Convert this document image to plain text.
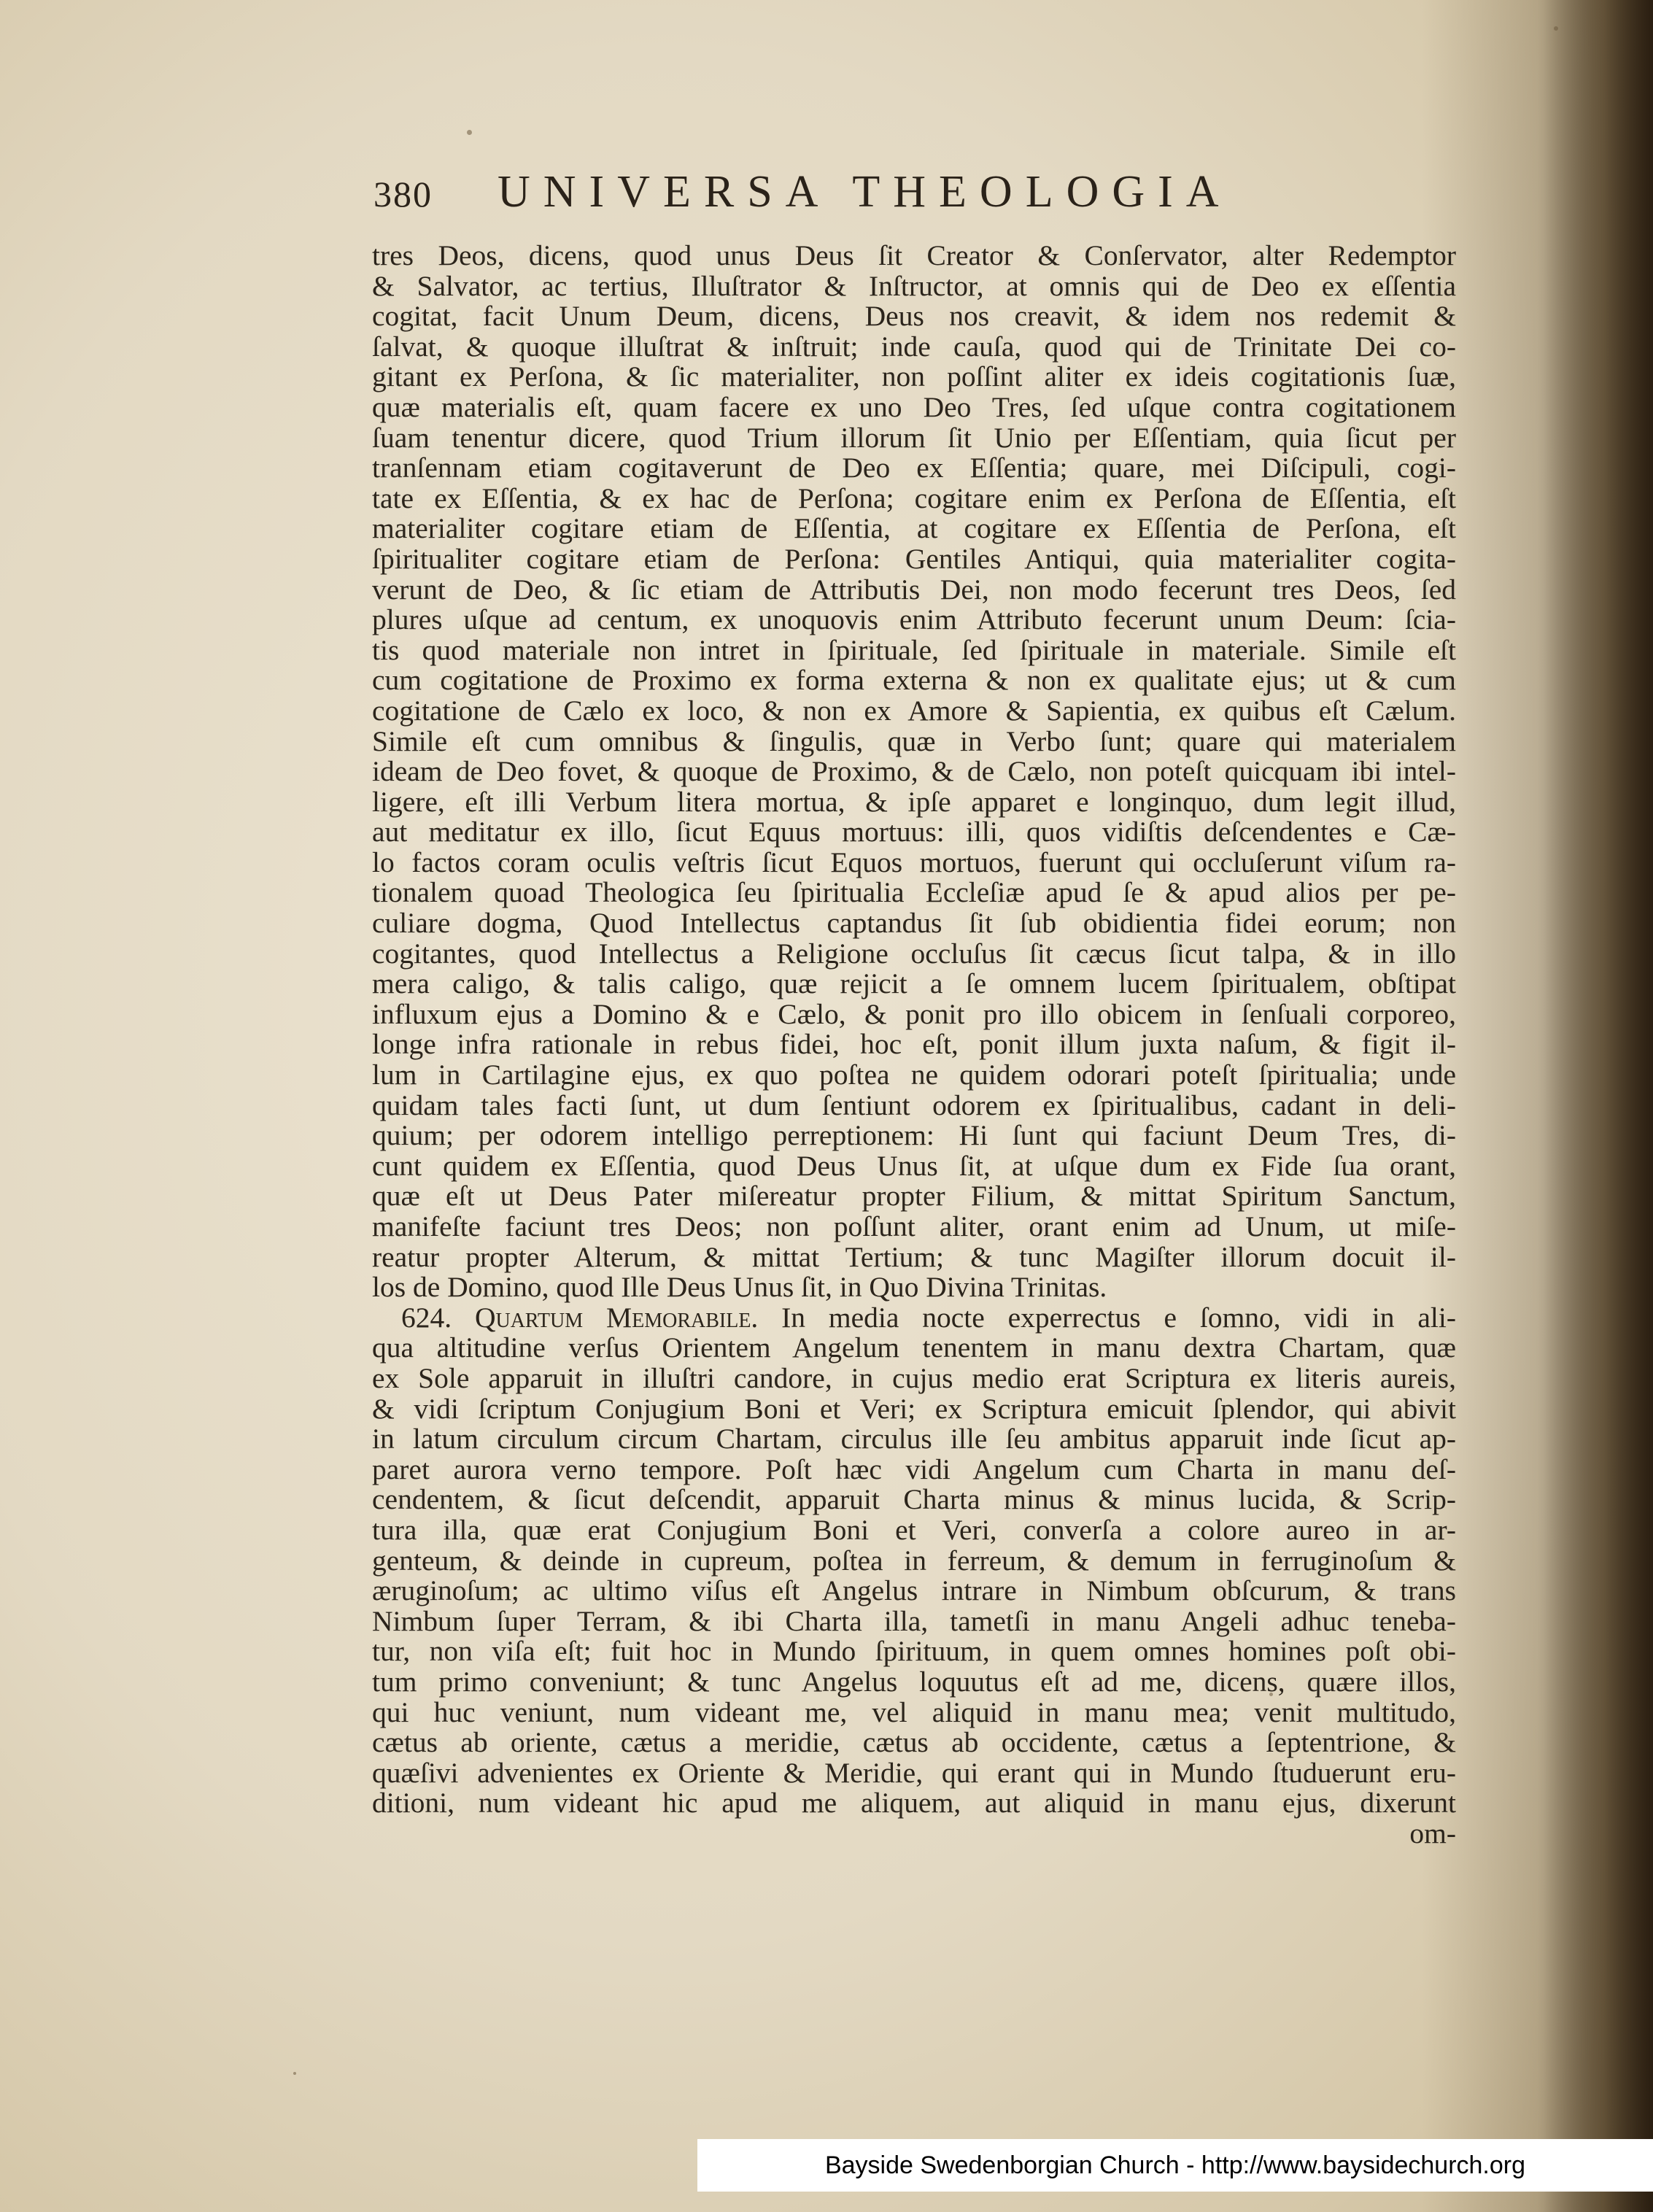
380	UNIVERSA THEOLOGIA
tres Deos, dicens, quod unus Deus ſit Creator & Conſervator, alter Redemptor
& Salvator, ac tertius, Illuſtrator & Inſtructor, at omnis qui de Deo ex eſſentia
cogitat, facit Unum Deum, dicens, Deus nos creavit, & idem nos redemit &
ſalvat, & quoque illuſtrat & inſtruit; inde cauſa, quod qui de Trinitate Dei co-
gitant ex Perſona, & ſic materialiter, non poſſint aliter ex ideis cogitationis ſuæ,
quæ materialis eſt, quam facere ex uno Deo Tres, ſed uſque contra cogitationem
ſuam tenentur dicere, quod Trium illorum ſit Unio per Eſſentiam, quia ſicut per
tranſennam etiam cogitaverunt de Deo ex Eſſentia; quare, mei Diſcipuli, cogi-
tate ex Eſſentia, & ex hac de Perſona; cogitare enim ex Perſona de Eſſentia, eſt
materialiter cogitare etiam de Eſſentia, at cogitare ex Eſſentia de Perſona, eſt
ſpiritualiter cogitare etiam de Perſona: Gentiles Antiqui, quia materialiter cogita-
verunt de Deo, & ſic etiam de Attributis Dei, non modo fecerunt tres Deos, ſed
plures uſque ad centum, ex unoquovis enim Attributo fecerunt unum Deum: ſcia-
tis quod materiale non intret in ſpirituale, ſed ſpirituale in materiale. Simile eſt
cum cogitatione de Proximo ex forma externa & non ex qualitate ejus; ut & cum
cogitatione de Cælo ex loco, & non ex Amore & Sapientia, ex quibus eſt Cælum.
Simile eſt cum omnibus & ſingulis, quæ in Verbo ſunt; quare qui materialem
ideam de Deo fovet, & quoque de Proximo, & de Cælo, non poteſt quicquam ibi intel-
ligere, eſt illi Verbum litera mortua, & ipſe apparet e longinquo, dum legit illud,
aut meditatur ex illo, ſicut Equus mortuus: illi, quos vidiſtis deſcendentes e Cæ-
lo factos coram oculis veſtris ſicut Equos mortuos, fuerunt qui occluſerunt viſum ra-
tionalem quoad Theologica ſeu ſpiritualia Eccleſiæ apud ſe & apud alios per pe-
culiare dogma, Quod Intellectus captandus ſit ſub obidientia fidei eorum; non
cogitantes, quod Intellectus a Religione occluſus ſit cæcus ſicut talpa, & in illo
mera caligo, & talis caligo, quæ rejicit a ſe omnem lucem ſpiritualem, obſtipat
influxum ejus a Domino & e Cælo, & ponit pro illo obicem in ſenſuali corporeo,
longe infra rationale in rebus fidei, hoc eſt, ponit illum juxta naſum, & figit il-
lum in Cartilagine ejus, ex quo poſtea ne quidem odorari poteſt ſpiritualia; unde
quidam tales facti ſunt, ut dum ſentiunt odorem ex ſpiritualibus, cadant in deli-
quium; per odorem intelligo perreptionem: Hi ſunt qui faciunt Deum Tres, di-
cunt quidem ex Eſſentia, quod Deus Unus ſit, at uſque dum ex Fide ſua orant,
quæ eſt ut Deus Pater miſereatur propter Filium, & mittat Spiritum Sanctum,
manifeſte faciunt tres Deos; non poſſunt aliter, orant enim ad Unum, ut miſe-
reatur propter Alterum, & mittat Tertium; & tunc Magiſter illorum docuit il-
los de Domino, quod Ille Deus Unus ſit, in Quo Divina Trinitas.
624. Quartum Memorabile. In media nocte experrectus e ſomno, vidi in ali-
qua altitudine verſus Orientem Angelum tenentem in manu dextra Chartam, quæ
ex Sole apparuit in illuſtri candore, in cujus medio erat Scriptura ex literis aureis,
& vidi ſcriptum Conjugium Boni et Veri; ex Scriptura emicuit ſplendor, qui abivit
in latum circulum circum Chartam, circulus ille ſeu ambitus apparuit inde ſicut ap-
paret aurora verno tempore. Poſt hæc vidi Angelum cum Charta in manu deſ-
cendentem, & ſicut deſcendit, apparuit Charta minus & minus lucida, & Scrip-
tura illa, quæ erat Conjugium Boni et Veri, converſa a colore aureo in ar-
genteum, & deinde in cupreum, poſtea in ferreum, & demum in ferruginoſum &
æruginoſum; ac ultimo viſus eſt Angelus intrare in Nimbum obſcurum, & trans
Nimbum ſuper Terram, & ibi Charta illa, tametſi in manu Angeli adhuc teneba-
tur, non viſa eſt; fuit hoc in Mundo ſpirituum, in quem omnes homines poſt obi-
tum primo conveniunt; & tunc Angelus loquutus eſt ad me, dicens, quære illos,
qui huc veniunt, num videant me, vel aliquid in manu mea; venit multitudo,
cætus ab oriente, cætus a meridie, cætus ab occidente, cætus a ſeptentrione, &
quæſivi advenientes ex Oriente & Meridie, qui erant qui in Mundo ſtuduerunt eru-
ditioni, num videant hic apud me aliquem, aut aliquid in manu ejus, dixerunt
om-
Bayside Swedenborgian Church - http://www.baysidechurch.org
